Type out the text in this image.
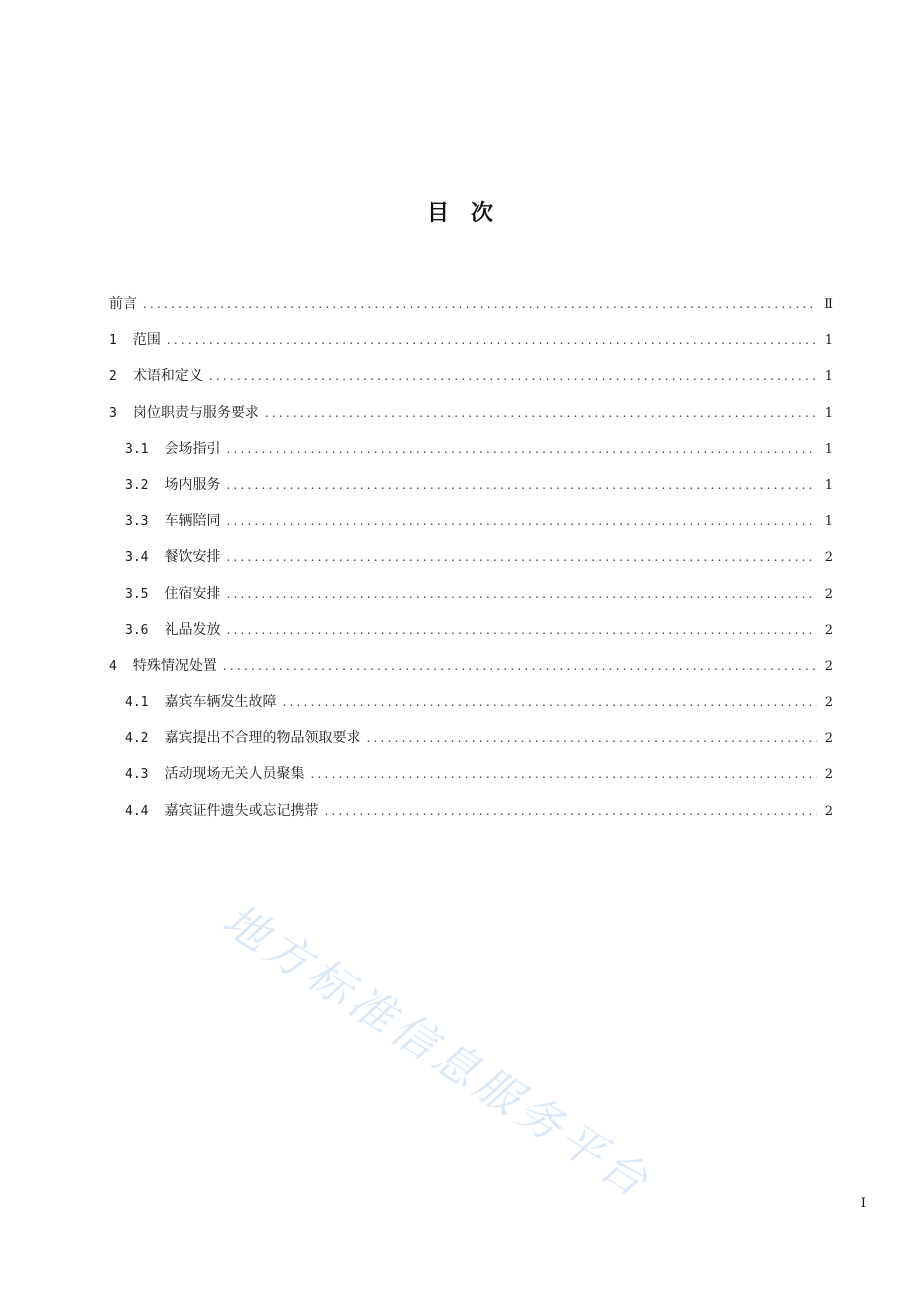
目　次
前言 .....	Ⅱ
1 范围 .....	1
2 术语和定义 .....	1
3 岗位职责与服务要求 .....	1
3.1 会场指引 .....	1
3.2 场内服务 .....	1
3.3 车辆陪同 .....	1
3.4 餐饮安排 .....	2
3.5 住宿安排 .....	2
3.6 礼品发放 .....	2
4 特殊情况处置 .....	2
4.1 嘉宾车辆发生故障 .....	2
4.2 嘉宾提出不合理的物品领取要求 .....	2
4.3 活动现场无关人员聚集 .....	2
4.4 嘉宾证件遗失或忘记携带 .....	2
地方标准信息服务平台	I
